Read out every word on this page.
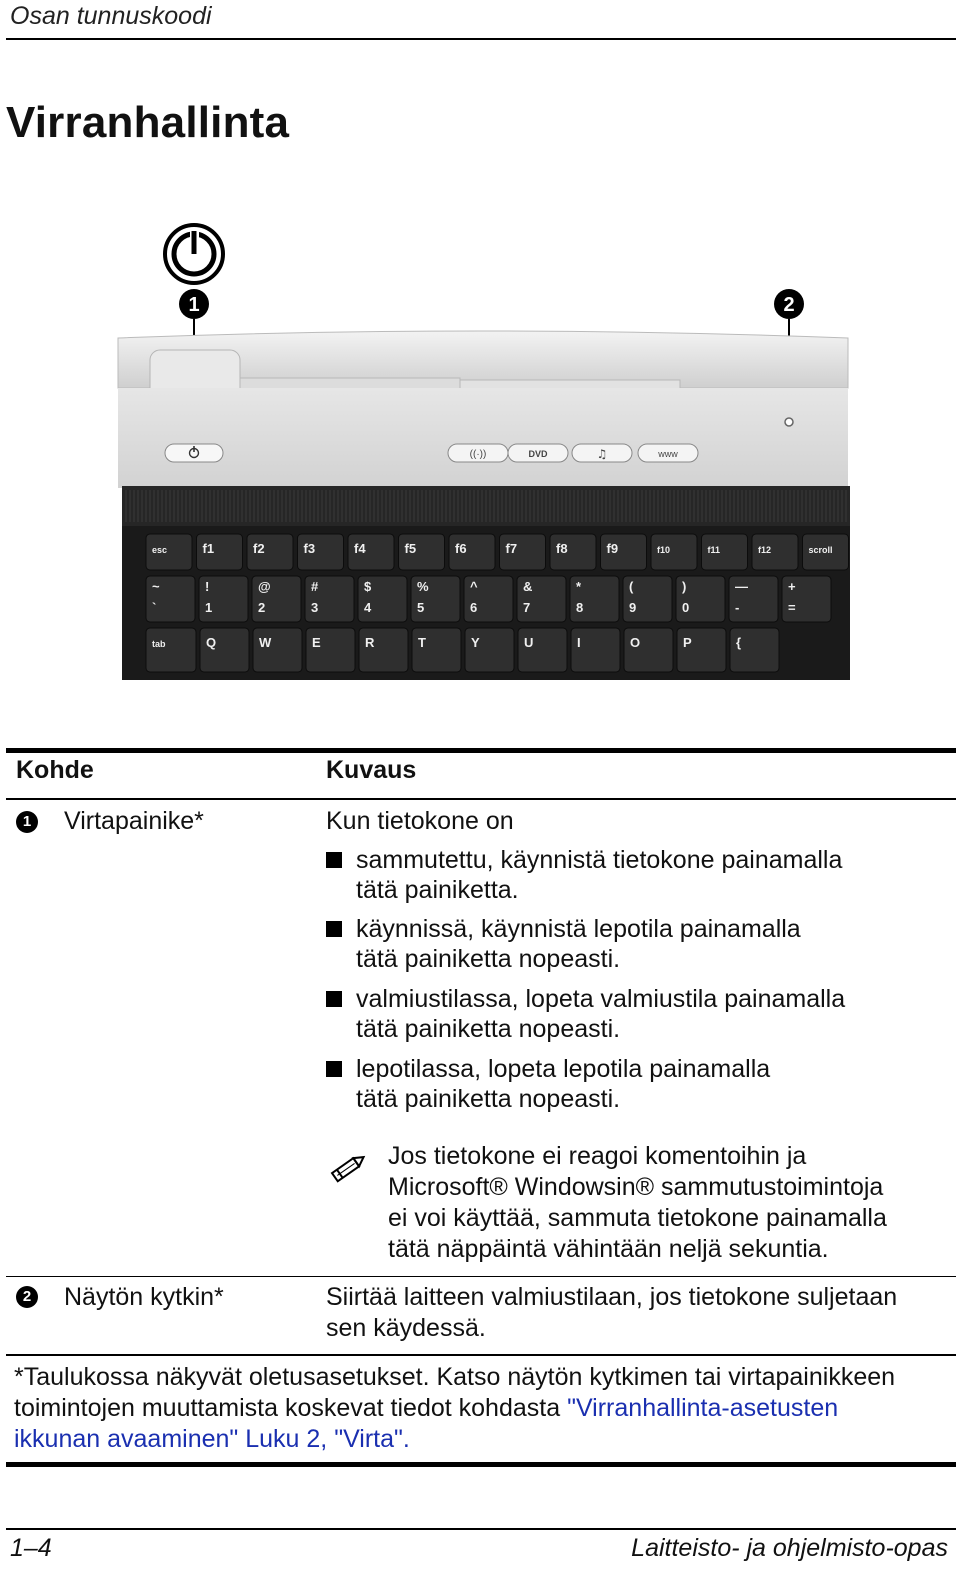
Osan tunnuskoodi
Virranhallinta
1	2
((·))	DVD	♫	www
esc	f1	f2	f3	f4	f5	f6	f7	f8	f9	f10	f11	f12	scroll
~
`
!
1
@
2
#
3
$
4
%
5
^
6
&
7
*
8
(
9
)
0
—
-
+
=
tab	Q	W	E	R	T	Y	U	I	O	P	{
Kohde	Kuvaus
1 Virtapainike*	Kun tietokone on
sammutettu, käynnistä tietokone painamalla
tätä painiketta.
käynnissä, käynnistä lepotila painamalla
tätä painiketta nopeasti.
valmiustilassa, lopeta valmiustila painamalla
tätä painiketta nopeasti.
lepotilassa, lopeta lepotila painamalla
tätä painiketta nopeasti.
Jos tietokone ei reagoi komentoihin ja
Microsoft® Windowsin® sammutustoimintoja
ei voi käyttää, sammuta tietokone painamalla
tätä näppäintä vähintään neljä sekuntia.
2 Näytön kytkin*	Siirtää laitteen valmiustilaan, jos tietokone suljetaan
sen käydessä.
*Taulukossa näkyvät oletusasetukset. Katso näytön kytkimen tai virtapainikkeen
toimintojen muuttamista koskevat tiedot kohdasta "Virranhallinta-asetusten
ikkunan avaaminen" Luku 2, "Virta".
1–4	Laitteisto- ja ohjelmisto-opas
